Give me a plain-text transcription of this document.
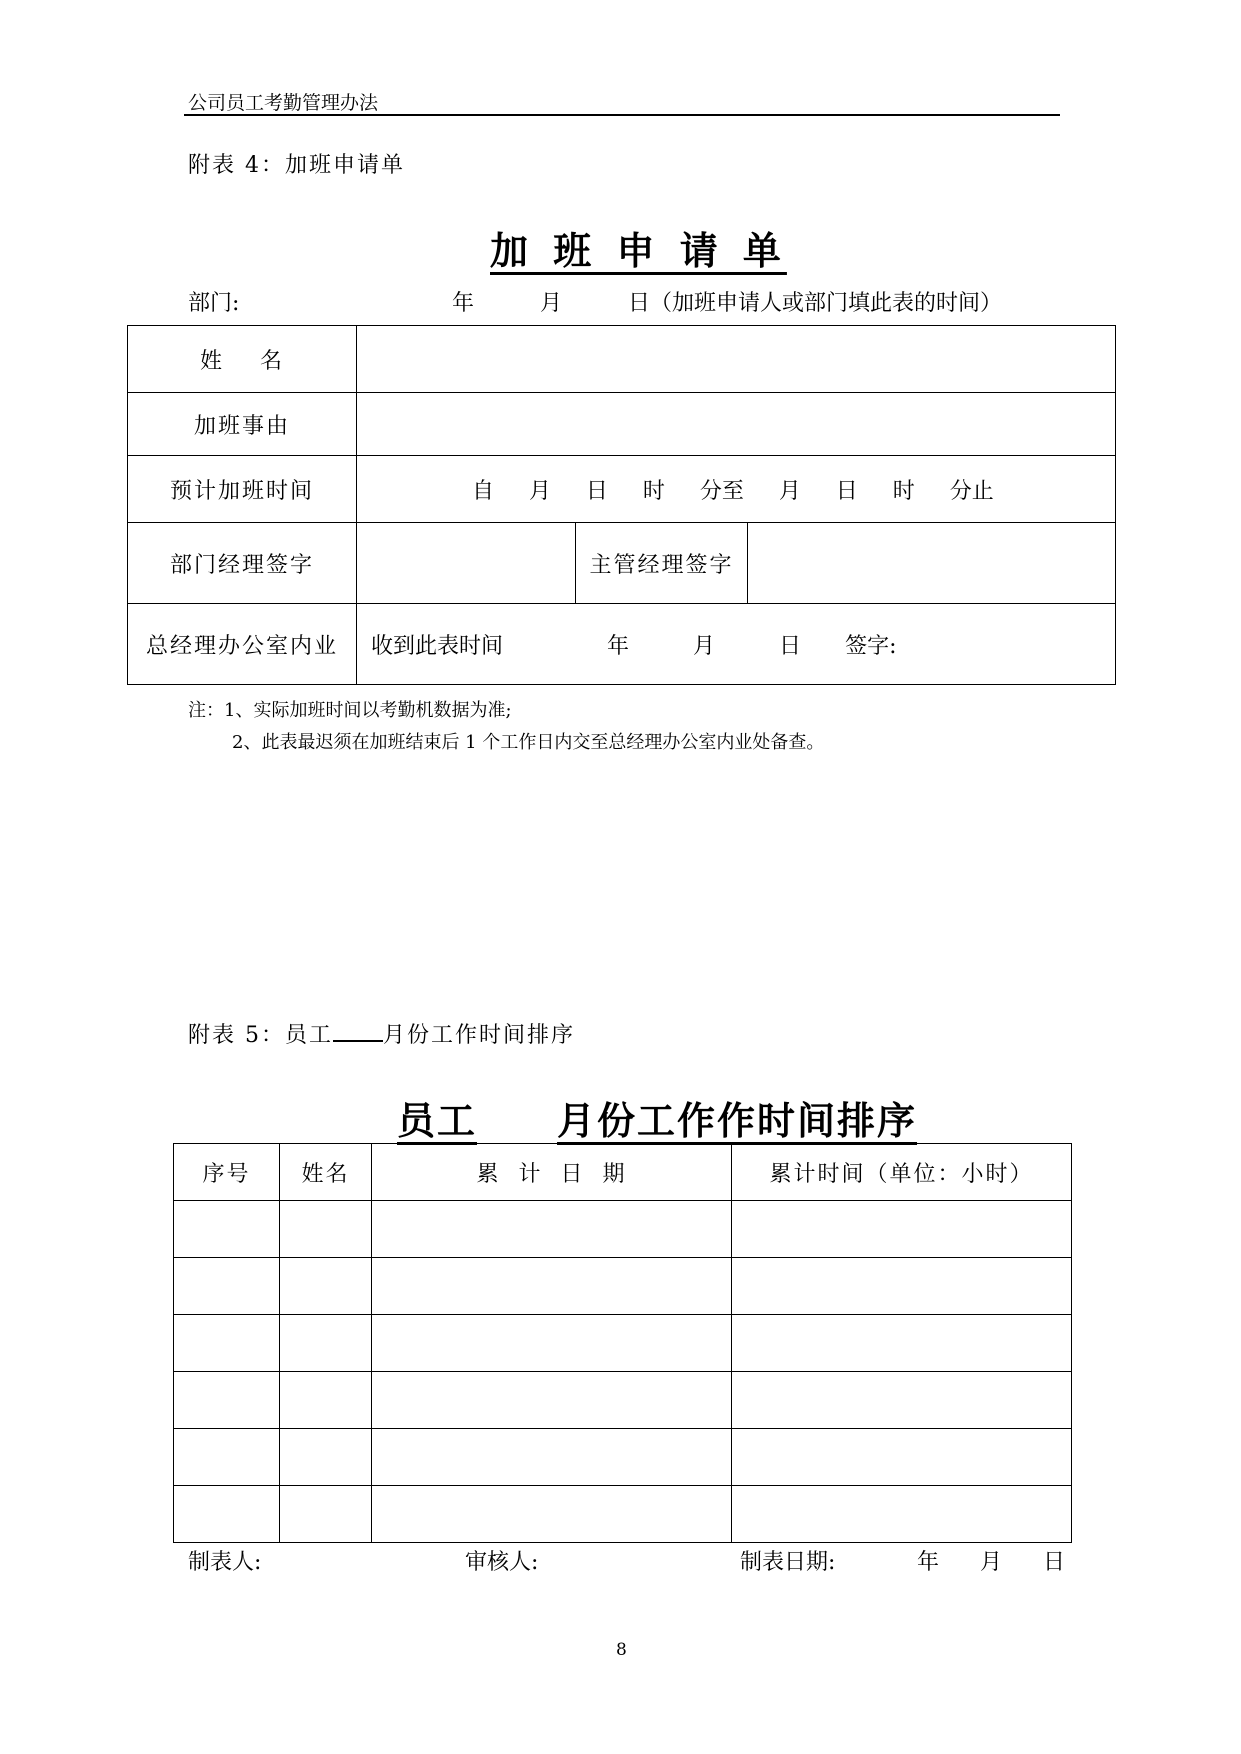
公司员工考勤管理办法
附表 4：加班申请单
加 班 申 请 单
部门:	年	月	日（加班申请人或部门填此表的时间）
姓    名			
加班事由			
预计加班时间	自     月     日     时     分至     月     日     时     分止		
部门经理签字		主管经理签字	
总经理办公室内业	收到此表时间 年 月 日 签字:		
注：1、实际加班时间以考勤机数据为准;
2、此表最迟须在加班结束后 1 个工作日内交至总经理办公室内业处备查。
附表 5：员工 月份工作时间排序
员工 月份工作作时间排序
序号	姓名	累  计  日  期	累计时间（单位：小时）

制表人:	审核人:	制表日期:	年 月 日
8
